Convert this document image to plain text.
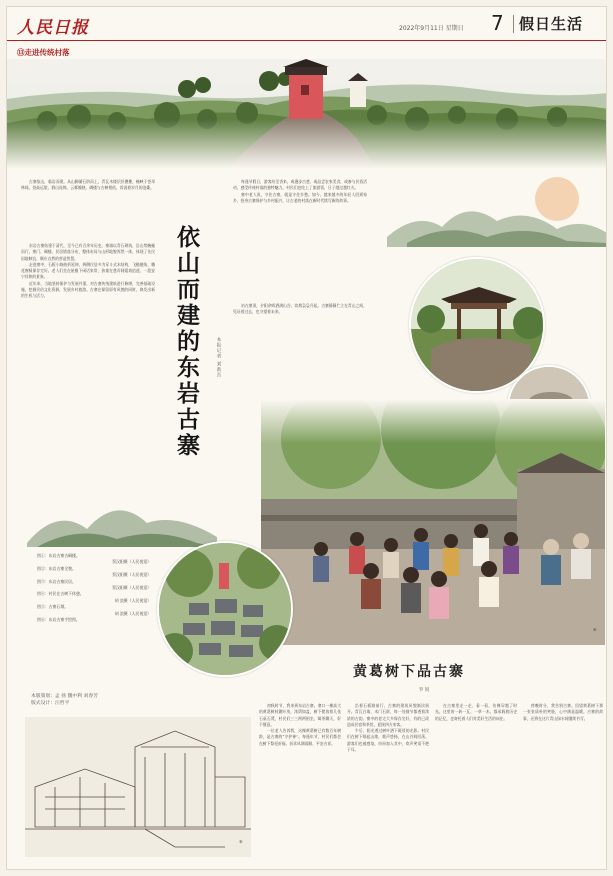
人民日报	2022年9月11日 星期日 7 假日生活
⑬走进传统村落

古寨依山，临岩而建。从山脚循石阶而上，青瓦木楼层层叠叠，掩映于苍翠林间。登高远望，群山连绵，云雾缭绕，碉楼与古树相依，诉说着岁月的沧桑。

东岩古寨始建于清代，至今已有百余年历史。寨墙以青石砌筑，沿山势蜿蜒而行，寨门、碉楼、民居错落分布，整体布局与山形地貌浑然一体，体现了先民因地制宜、顺应自然的营造智慧。

走进寨中，石板小路曲折延伸，两侧民居多为穿斗式木结构，飞檐翘角，雕花窗棂保存完好。老人们坐在屋檐下闲话家常，孩童在巷弄间嬉戏追逐，一派安宁祥和的景象。

近年来，当地坚持保护与发展并重，对古寨传统建筑进行修缮，完善基础设施，挖掘民俗文化资源，发展乡村旅游。古寨在保留原有风貌的同时，焕发出新的生机与活力。	依山而建的东岩古寨	本报记者 刘新吾

每逢节假日，游客纷至沓来，或漫步古巷，或品尝农家美食，或参与民俗活动，感受传统村落的独特魅力。村民们也吃上了旅游饭，日子越过越红火。

寨中老人说，守住古寨，就是守住乡愁。如今，越来越多的年轻人回到家乡，投身古寨保护与乡村振兴，让古老的村落在新时代续写新的故事。

站在寨顶，夕阳余晖洒满山谷，炊烟袅袅升起。古寨静静伫立在青山之间，见证着过去，也守望着未来。

④
图①：东岩古寨古碉楼。
蔡汉阳摄（人民视觉）
图②：东岩古寨全貌。
蔡汉阳摄（人民视觉）
图③：东岩古寨民居。
蔡汉阳摄（人民视觉）
图④：村民在古树下休憩。
胡 浪摄（人民视觉）
图⑤：古寨石墩。
胡 浪摄（人民视觉）
图⑥：东岩古寨手绘图。
本版策划：孟 扬 魏中利 刘春芳
版式设计：汪哲平
⑥
黄葛树下品古寨
罗 锐

初秋时节，我来到东岩古寨。寨口一棵高大的黄葛树枝繁叶茂，浓荫如盖，树下摆放着几张石桌石凳，村民们三三两两围坐，喝茶聊天，好不惬意。

一位老人告诉我，这棵黄葛树已有数百年树龄，是古寨的“守护神”。每逢年节，村民们都会在树下祭祀祈福，祈求风调雨顺、平安吉祥。

沿着石板路前行，古寨的建筑风貌渐次展开。青瓦白墙，木门石阶，每一处细节都透着浓浓的古韵。寨中的老宅大多保存完好，有的已改造成民宿和茶馆，迎接四方来客。

午后，阳光透过树叶洒下斑驳的光影。村民们在树下唱起山歌，歌声悠扬，在山谷间回荡。游客们也被感染，纷纷加入其中，欢声笑语不绝于耳。

在古寨里走一走、看一看，仿佛穿越了时光。这里的一砖一瓦、一草一木，都承载着历史的记忆，也寄托着人们对美好生活的向往。

傍晚时分，我告别古寨。回望黄葛树下那一张张质朴的笑脸，心中满是温暖。古寨的故事，还将在这片青山绿水间继续书写。
